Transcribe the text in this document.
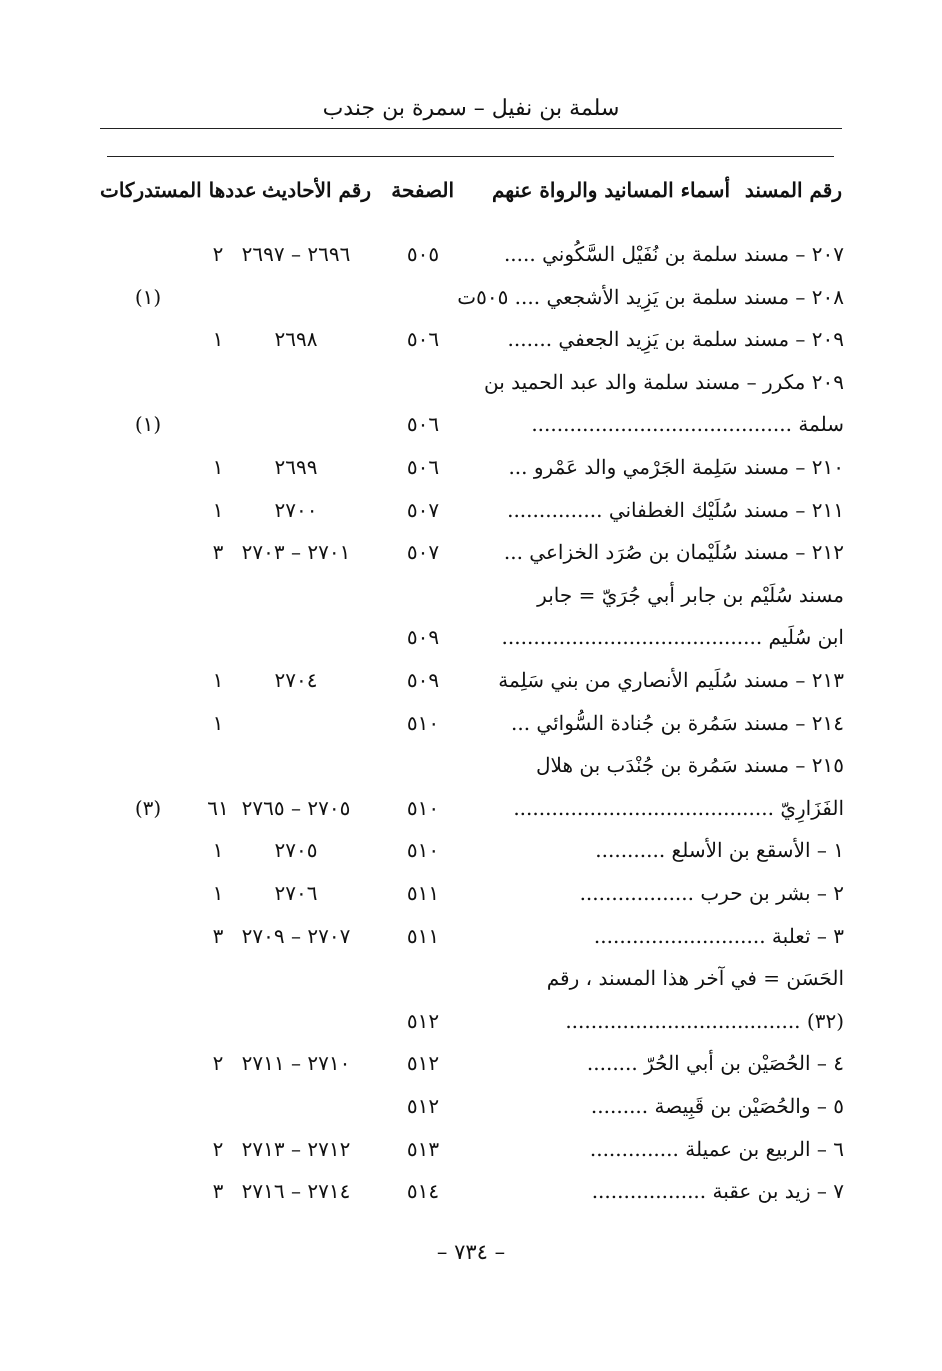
سلمة بن نفيل – سمرة بن جندب
رقم المسند
أسماء المسانيد والرواة عنهم
الصفحة
رقم الأحاديث
عددها المستدركات
٢٠٧ – مسند سلمة بن نُفَيْل السَّكُوني .....
٥٠٥
٢٦٩٦ – ٢٦٩٧
٢
٢٠٨ – مسند سلمة بن يَزِيد الأشجعي .... ٥٠٥ت
(١)
٢٠٩ – مسند سلمة بن يَزِيد الجعفي .......
٥٠٦
٢٦٩٨
١
٢٠٩ مكرر – مسند سلمة والد عبد الحميد بن
سلمة .........................................
٥٠٦
(١)
٢١٠ – مسند سَلِمة الجَرْمي والد عَمْرو ...
٥٠٦
٢٦٩٩
١
٢١١ – مسند سُلَيْك الغطفاني ...............
٥٠٧
٢٧٠٠
١
٢١٢ – مسند سُلَيْمان بن صُرَد الخزاعي ...
٥٠٧
٢٧٠١ – ٢٧٠٣
٣
مسند سُلَيْم بن جابر أبي جُرَيّ = جابر
ابن سُلَيم .........................................
٥٠٩
٢١٣ – مسند سُلَيم الأنصاري من بني سَلِمة
٥٠٩
٢٧٠٤
١
٢١٤ – مسند سَمُرة بن جُنادة السُّوائي ...
٥١٠
١
٢١٥ – مسند سَمُرة بن جُنْدَب بن هلال
الفَزَارِيّ .........................................
٥١٠
٢٧٠٥ – ٢٧٦٥
٦١
(٣)
١ – الأسقع بن الأسلع ...........
٥١٠
٢٧٠٥
١
٢ – بشر بن حرب ..................
٥١١
٢٧٠٦
١
٣ – ثعلبة ...........................
٥١١
٢٧٠٧ – ٢٧٠٩
٣
الحَسَن = في آخر هذا المسند ، رقم
(٣٢) .....................................
٥١٢
٤ – الحُصَيْن بن أبي الحُرّ ........
٥١٢
٢٧١٠ – ٢٧١١
٢
٥ – والحُصَيْن بن قَبِيصة .........
٥١٢
٦ – الربيع بن عميلة ..............
٥١٣
٢٧١٢ – ٢٧١٣
٢
٧ – زيد بن عقبة ..................
٥١٤
٢٧١٤ – ٢٧١٦
٣
– ٧٣٤ –
